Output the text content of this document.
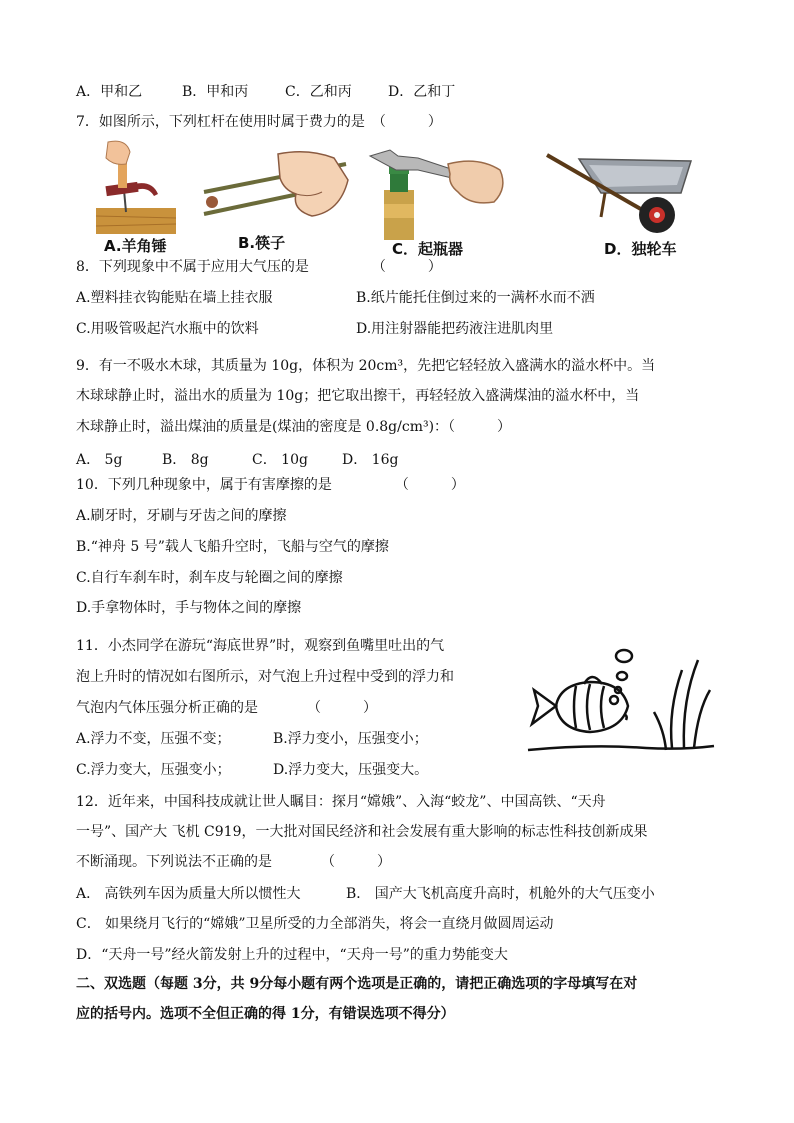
A．甲和乙	B．甲和丙	C．乙和丙	D．乙和丁
7．如图所示，下列杠杆在使用时属于费力的是　（　　　）
A.羊角锤	B.筷子	C．起瓶器	D．独轮车
8．下列现象中不属于应用大气压的是　　　　　（　　　）
A.塑料挂衣钩能贴在墙上挂衣服	B.纸片能托住倒过来的一满杯水而不洒
C.用吸管吸起汽水瓶中的饮料	D.用注射器能把药液注进肌肉里
9．有一不吸水木球，其质量为 10g，体积为 20cm³，先把它轻轻放入盛满水的溢水杯中。当
木球球静止时，溢出水的质量为 10g；把它取出擦干，再轻轻放入盛满煤油的溢水杯中，当
木球静止时，溢出煤油的质量是(煤油的密度是 0.8g/cm³)：（　　　）
A． 5g	B． 8g	C． 10g D． 16g
10．下列几种现象中，属于有害摩擦的是　　　　　（　　　）
A.刷牙时，牙刷与牙齿之间的摩擦
B.“神舟 5 号”载人飞船升空时，飞船与空气的摩擦
C.自行车刹车时，刹车皮与轮圈之间的摩擦
D.手拿物体时，手与物体之间的摩擦
11．小杰同学在游玩“海底世界”时，观察到鱼嘴里吐出的气
泡上升时的情况如右图所示，对气泡上升过程中受到的浮力和
气泡内气体压强分析正确的是　　　　（　　　）
A.浮力不变，压强不变；	B.浮力变小，压强变小；
C.浮力变大，压强变小；	D.浮力变大，压强变大。
12．近年来，中国科技成就让世人瞩目：探月“嫦娥”、入海“蛟龙”、中国高铁、“天舟
一号”、国产大 飞机 C919，一大批对国民经济和社会发展有重大影响的标志性科技创新成果
不断涌现。下列说法不正确的是　　　　（　　　）
A． 高铁列车因为质量大所以惯性大	B． 国产大飞机高度升高时，机舱外的大气压变小
C． 如果绕月飞行的“嫦娥”卫星所受的力全部消失，将会一直绕月做圆周运动
D．“天舟一号”经火箭发射上升的过程中，“天舟一号”的重力势能变大
二、双选题（每题 3分，共 9分每小题有两个选项是正确的，请把正确选项的字母填写在对
应的括号内。选项不全但正确的得 1分，有错误选项不得分）
